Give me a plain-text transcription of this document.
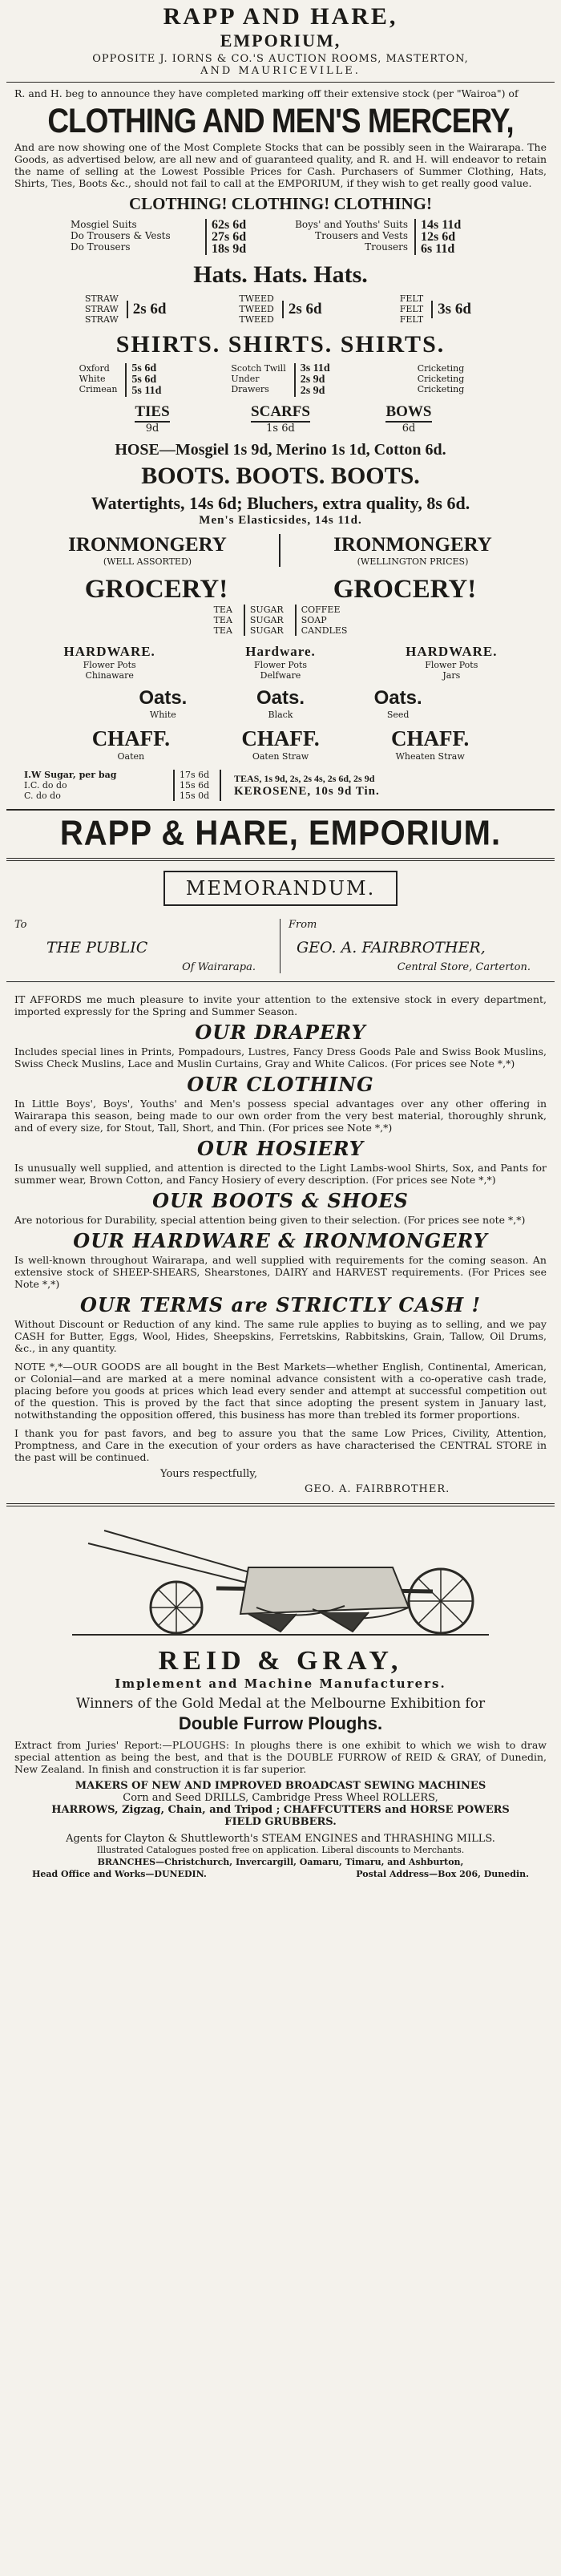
RAPP AND HARE,
EMPORIUM,
OPPOSITE J. IORNS & CO.'S AUCTION ROOMS, MASTERTON,
AND MAURICEVILLE.
R. and H. beg to announce they have completed marking off their extensive stock (per "Wairoa") of
CLOTHING AND MEN'S MERCERY,
And are now showing one of the Most Complete Stocks that can be possibly seen in the Wairarapa. The Goods, as advertised below, are all new and of guaranteed quality, and R. and H. will endeavor to retain the name of selling at the Lowest Possible Prices for Cash. Purchasers of Summer Clothing, Hats, Shirts, Ties, Boots &c., should not fail to call at the EMPORIUM, if they wish to get really good value.
CLOTHING! CLOTHING! CLOTHING!
Mosgiel Suits
Do Trousers & Vests
Do Trousers
62s 6d
27s 6d
18s 9d
Boys' and Youths' Suits
Trousers and Vests
Trousers
14s 11d
12s 6d
6s 11d
Hats. Hats. Hats.
STRAW
STRAW
STRAW
2s 6d
TWEED
TWEED
TWEED
2s 6d
FELT
FELT
FELT
3s 6d
SHIRTS. SHIRTS. SHIRTS.
Oxford
White
Crimean
5s 6d
5s 6d
5s 11d
Scotch Twill
Under
Drawers
3s 11d
2s 9d
2s 9d
Cricketing
Cricketing
Cricketing
TIES
9d
SCARFS
1s 6d
BOWS
6d
HOSE—Mosgiel 1s 9d, Merino 1s 1d, Cotton 6d.
BOOTS. BOOTS. BOOTS.
Watertights, 14s 6d; Bluchers, extra quality, 8s 6d.
Men's Elasticsides, 14s 11d.
IRONMONGERY
(WELL ASSORTED)
IRONMONGERY
(WELLINGTON PRICES)
GROCERY!	GROCERY!
TEA
TEA
TEA
SUGAR
SUGAR
SUGAR
COFFEE
SOAP
CANDLES
HARDWARE.
Flower Pots
Chinaware
Hardware.
Flower Pots
Delfware
HARDWARE.
Flower Pots
Jars
Oats.
White
Oats.
Black
Oats.
Seed
CHAFF.
Oaten
CHAFF.
Oaten Straw
CHAFF.
Wheaten Straw
I.W Sugar, per bag
I.C. do do
C. do do
17s 6d
15s 6d
15s 0d
TEAS, 1s 9d, 2s, 2s 4s, 2s 6d, 2s 9d
KEROSENE, 10s 9d Tin.
RAPP & HARE, EMPORIUM.
MEMORANDUM.
To
THE PUBLIC
Of Wairarapa.
From
GEO. A. FAIRBROTHER,
Central Store, Carterton.
IT AFFORDS me much pleasure to invite your attention to the extensive stock in every department, imported expressly for the Spring and Summer Season.
OUR DRAPERY
Includes special lines in Prints, Pompadours, Lustres, Fancy Dress Goods Pale and Swiss Book Muslins, Swiss Check Muslins, Lace and Muslin Curtains, Gray and White Calicos. (For prices see Note *,*)
OUR CLOTHING
In Little Boys', Boys', Youths' and Men's possess special advantages over any other offering in Wairarapa this season, being made to our own order from the very best material, thoroughly shrunk, and of every size, for Stout, Tall, Short, and Thin. (For prices see Note *,*)
OUR HOSIERY
Is unusually well supplied, and attention is directed to the Light Lambs-wool Shirts, Sox, and Pants for summer wear, Brown Cotton, and Fancy Hosiery of every description. (For prices see Note *,*)
OUR BOOTS & SHOES
Are notorious for Durability, special attention being given to their selection. (For prices see note *,*)
OUR HARDWARE & IRONMONGERY
Is well-known throughout Wairarapa, and well supplied with requirements for the coming season. An extensive stock of SHEEP-SHEARS, Shearstones, DAIRY and HARVEST requirements. (For Prices see Note *,*)
OUR TERMS are STRICTLY CASH !
Without Discount or Reduction of any kind. The same rule applies to buying as to selling, and we pay CASH for Butter, Eggs, Wool, Hides, Sheepskins, Ferretskins, Rabbitskins, Grain, Tallow, Oil Drums, &c., in any quantity.
NOTE *,*—OUR GOODS are all bought in the Best Markets—whether English, Continental, American, or Colonial—and are marked at a mere nominal advance consistent with a co-operative cash trade, placing before you goods at prices which lead every sender and attempt at successful competition out of the question. This is proved by the fact that since adopting the present system in January last, notwithstanding the opposition offered, this business has more than trebled its former proportions.
I thank you for past favors, and beg to assure you that the same Low Prices, Civility, Attention, Promptness, and Care in the execution of your orders as have characterised the CENTRAL STORE in the past will be continued.
Yours respectfully,
GEO. A. FAIRBROTHER.
REID & GRAY,
Implement and Machine Manufacturers.
Winners of the Gold Medal at the Melbourne Exhibition for
Double Furrow Ploughs.
Extract from Juries' Report:—PLOUGHS: In ploughs there is one exhibit to which we wish to draw special attention as being the best, and that is the DOUBLE FURROW of REID & GRAY, of Dunedin, New Zealand. In finish and construction it is far superior.
MAKERS OF NEW AND IMPROVED BROADCAST SEWING MACHINES
Corn and Seed DRILLS, Cambridge Press Wheel ROLLERS,
HARROWS, Zigzag, Chain, and Tripod ; CHAFFCUTTERS and HORSE POWERS
FIELD GRUBBERS.
Agents for Clayton & Shuttleworth's STEAM ENGINES and THRASHING MILLS.
Illustrated Catalogues posted free on application. Liberal discounts to Merchants.
BRANCHES—Christchurch, Invercargill, Oamaru, Timaru, and Ashburton,
Head Office and Works—DUNEDIN.	Postal Address—Box 206, Dunedin.
